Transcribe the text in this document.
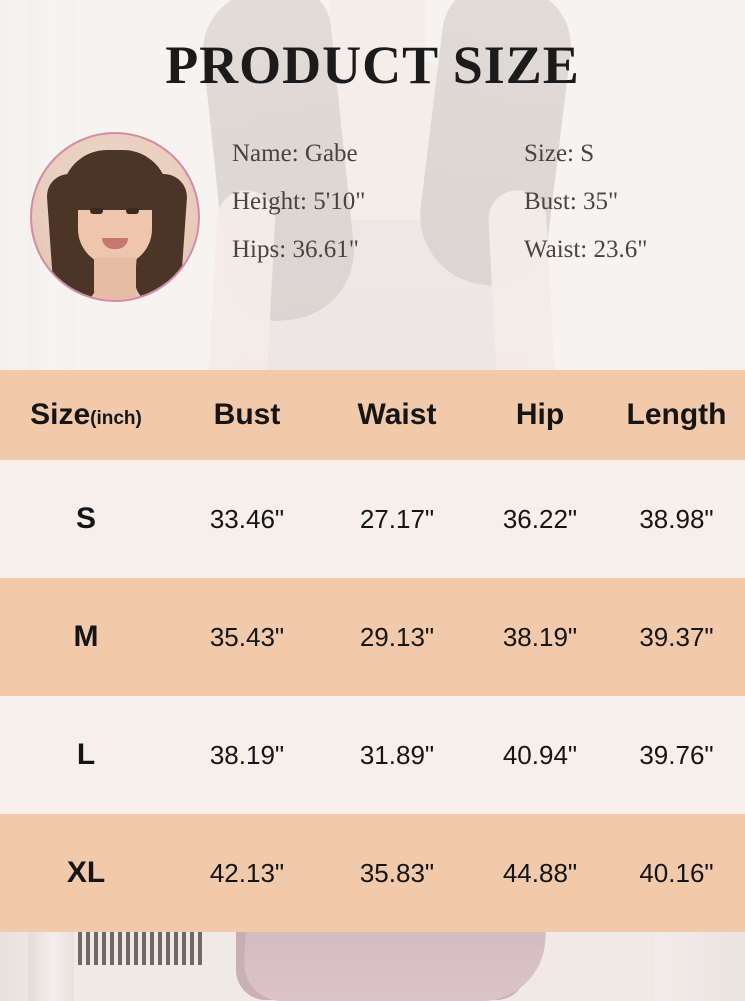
PRODUCT SIZE
Name: Gabe	Size: S
Height: 5'10"	Bust: 35"
Hips: 36.61"	Waist: 23.6"
Size(inch)	Bust	Waist	Hip	Length
S	33.46"	27.17"	36.22"	38.98"
M	35.43"	29.13"	38.19"	39.37"
L	38.19"	31.89"	40.94"	39.76"
XL	42.13"	35.83"	44.88"	40.16"
